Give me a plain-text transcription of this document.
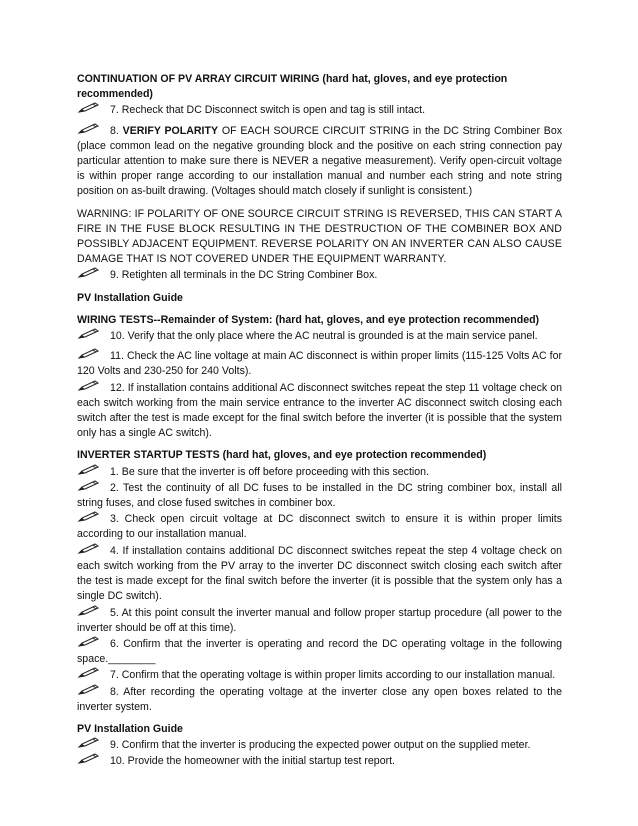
CONTINUATION OF PV ARRAY CIRCUIT WIRING (hard hat, gloves, and eye protection recommended)

7. Recheck that DC Disconnect switch is open and tag is still intact.

8. VERIFY POLARITY OF EACH SOURCE CIRCUIT STRING in the DC String Combiner Box (place common lead on the negative grounding block and the positive on each string connection pay particular attention to make sure there is NEVER a negative measurement). Verify open-circuit voltage is within proper range according to our installation manual and number each string and note string position on as-built drawing. (Voltages should match closely if sunlight is consistent.)

WARNING: IF POLARITY OF ONE SOURCE CIRCUIT STRING IS REVERSED, THIS CAN START A FIRE IN THE FUSE BLOCK RESULTING IN THE DESTRUCTION OF THE COMBINER BOX AND POSSIBLY ADJACENT EQUIPMENT. REVERSE POLARITY ON AN INVERTER CAN ALSO CAUSE DAMAGE THAT IS NOT COVERED UNDER THE EQUIPMENT WARRANTY.

9. Retighten all terminals in the DC String Combiner Box.

PV Installation Guide

WIRING TESTS--Remainder of System: (hard hat, gloves, and eye protection recommended)

10. Verify that the only place where the AC neutral is grounded is at the main service panel.

11. Check the AC line voltage at main AC disconnect is within proper limits (115-125 Volts AC for 120 Volts and 230-250 for 240 Volts).

12. If installation contains additional AC disconnect switches repeat the step 11 voltage check on each switch working from the main service entrance to the inverter AC disconnect switch closing each switch after the test is made except for the final switch before the inverter (it is possible that the system only has a single AC switch).

INVERTER STARTUP TESTS (hard hat, gloves, and eye protection recommended)

1. Be sure that the inverter is off before proceeding with this section.

2. Test the continuity of all DC fuses to be installed in the DC string combiner box, install all string fuses, and close fused switches in combiner box.

3. Check open circuit voltage at DC disconnect switch to ensure it is within proper limits according to our installation manual.

4. If installation contains additional DC disconnect switches repeat the step 4 voltage check on each switch working from the PV array to the inverter DC disconnect switch closing each switch after the test is made except for the final switch before the inverter (it is possible that the system only has a single DC switch).

5. At this point consult the inverter manual and follow proper startup procedure (all power to the inverter should be off at this time).

6. Confirm that the inverter is operating and record the DC operating voltage in the following space.________

7. Confirm that the operating voltage is within proper limits according to our installation manual.

8. After recording the operating voltage at the inverter close any open boxes related to the inverter system.

PV Installation Guide

9. Confirm that the inverter is producing the expected power output on the supplied meter.

10. Provide the homeowner with the initial startup test report.
